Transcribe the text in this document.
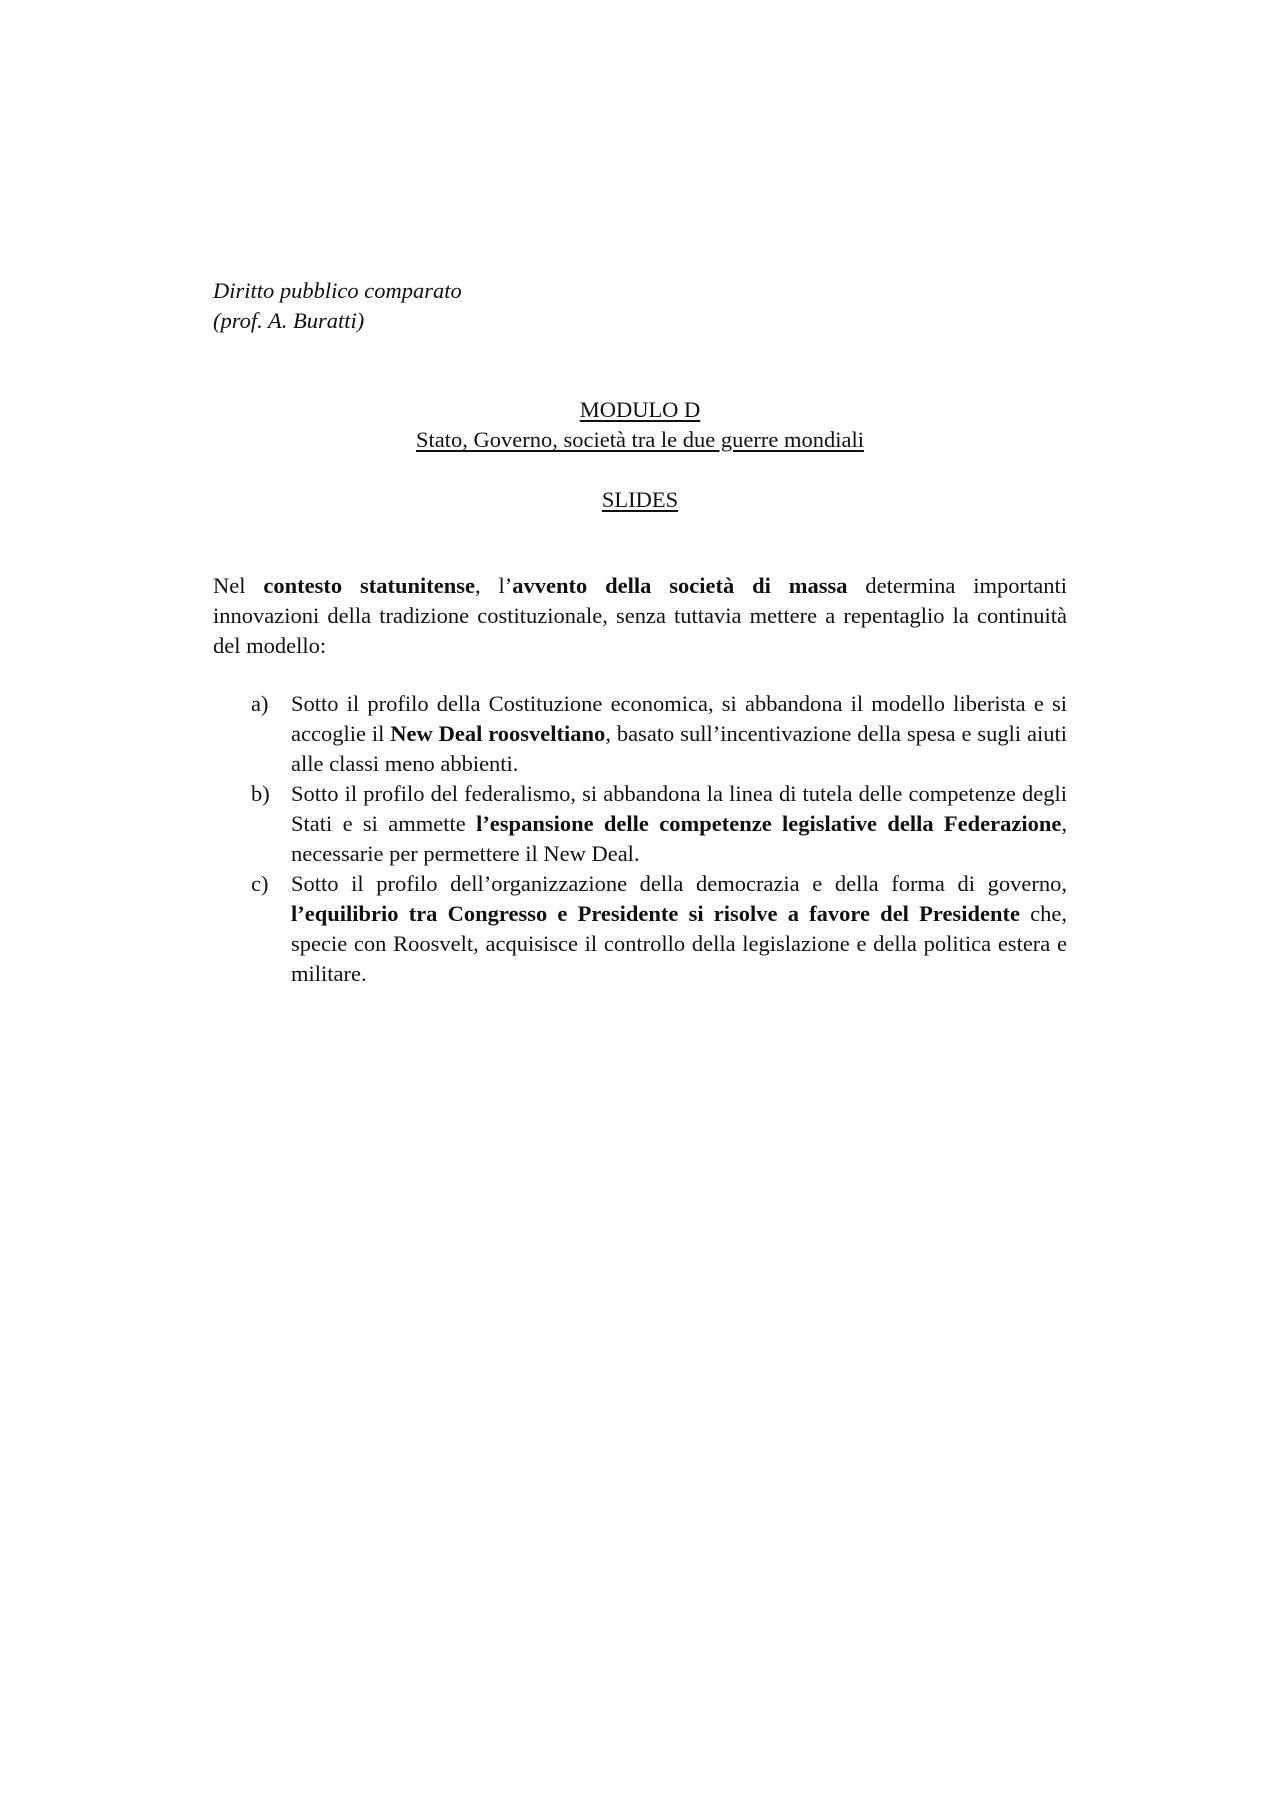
Diritto pubblico comparato
(prof. A. Buratti)
MODULO D
Stato, Governo, società tra le due guerre mondiali
SLIDES

Nel contesto statunitense, l’avvento della società di massa determina importanti innovazioni della tradizione costituzionale, senza tuttavia mettere a repentaglio la continuità del modello:

a) Sotto il profilo della Costituzione economica, si abbandona il modello liberista e si accoglie il New Deal roosveltiano, basato sull’incentivazione della spesa e sugli aiuti alle classi meno abbienti.
b) Sotto il profilo del federalismo, si abbandona la linea di tutela delle competenze degli Stati e si ammette l’espansione delle competenze legislative della Federazione, necessarie per permettere il New Deal.
c) Sotto il profilo dell’organizzazione della democrazia e della forma di governo, l’equilibrio tra Congresso e Presidente si risolve a favore del Presidente che, specie con Roosvelt, acquisisce il controllo della legislazione e della politica estera e militare.
